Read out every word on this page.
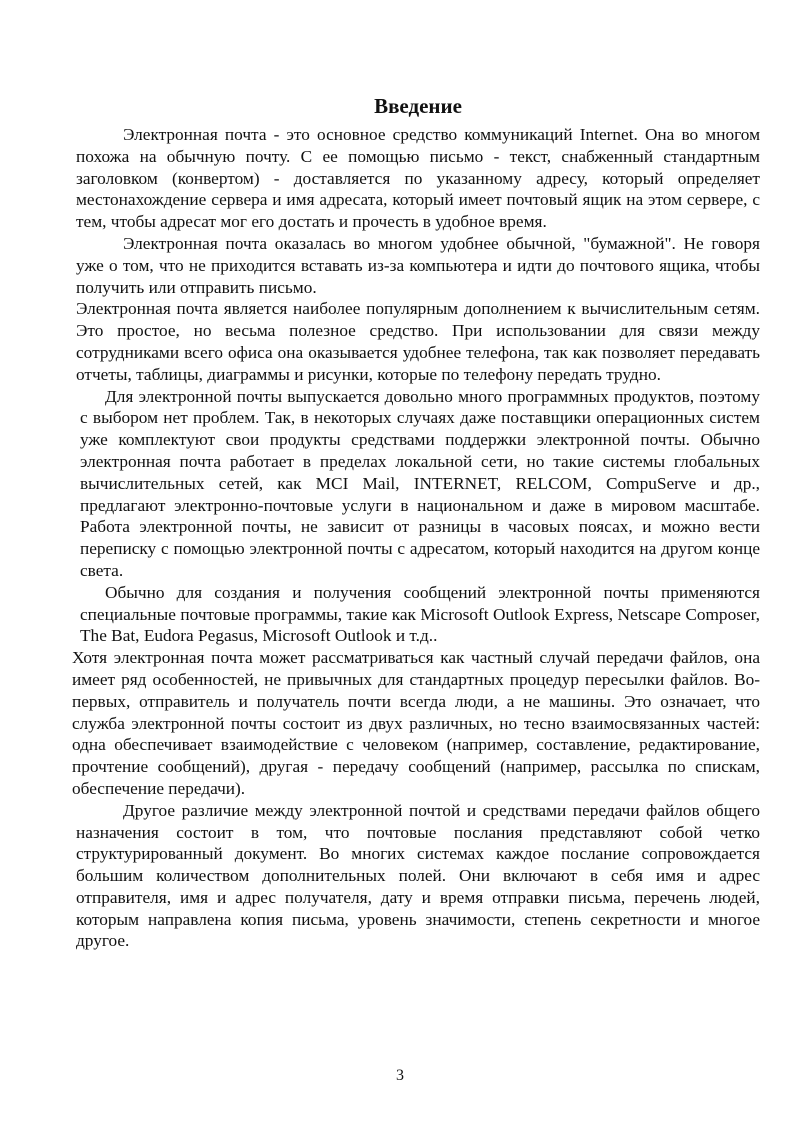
Введение

Электронная почта - это основное средство коммуникаций Internet. Она во многом похожа на обычную почту. С ее помощью письмо - текст, снабженный стандартным заголовком (конвертом) - доставляется по указанному адресу, который определяет местонахождение сервера и имя адресата, который имеет почтовый ящик на этом сервере, с тем, чтобы адресат мог его достать и прочесть в удобное время.

Электронная почта оказалась во многом удобнее обычной, "бумажной". Не говоря уже о том, что не приходится вставать из-за компьютера и идти до почтового ящика, чтобы получить или отправить письмо.

Электронная почта является наиболее популярным дополнением к вычислительным сетям. Это простое, но весьма полезное средство. При использовании для связи между сотрудниками всего офиса она оказывается удобнее телефона, так как позволяет передавать отчеты, таблицы, диаграммы и рисунки, которые по телефону передать трудно.

Для электронной почты выпускается довольно много программных продуктов, поэтому с выбором нет проблем. Так, в некоторых случаях даже поставщики операционных систем уже комплектуют свои продукты средствами поддержки электронной почты. Обычно электронная почта работает в пределах локальной сети, но такие системы глобальных вычислительных сетей, как MCI Mail, INTERNET, RELCOM, CompuServe и др., предлагают электронно-почтовые услуги в национальном и даже в мировом масштабе. Работа электронной почты, не зависит от разницы в часовых поясах, и можно вести переписку с помощью электронной почты с адресатом, который находится на другом конце света.

Обычно для создания и получения сообщений электронной почты применяются специальные почтовые программы, такие как Microsoft Outlook Express, Netscape Composer, The Bat, Eudora Pegasus, Microsoft Outlook и т.д..

Хотя электронная почта может рассматриваться как частный случай передачи файлов, она имеет ряд особенностей, не привычных для стандартных процедур пересылки файлов. Во-первых, отправитель и получатель почти всегда люди, а не машины. Это означает, что служба электронной почты состоит из двух различных, но тесно взаимосвязанных частей: одна обеспечивает взаимодействие с человеком (например, составление, редактирование, прочтение сообщений), другая - передачу сообщений (например, рассылка по спискам, обеспечение передачи).

Другое различие между электронной почтой и средствами передачи файлов общего назначения состоит в том, что почтовые послания представляют собой четко структурированный документ. Во многих системах каждое послание сопровождается большим количеством дополнительных полей. Они включают в себя имя и адрес отправителя, имя и адрес получателя, дату и время отправки письма, перечень людей, которым направлена копия письма, уровень значимости, степень секретности и многое другое.

3
